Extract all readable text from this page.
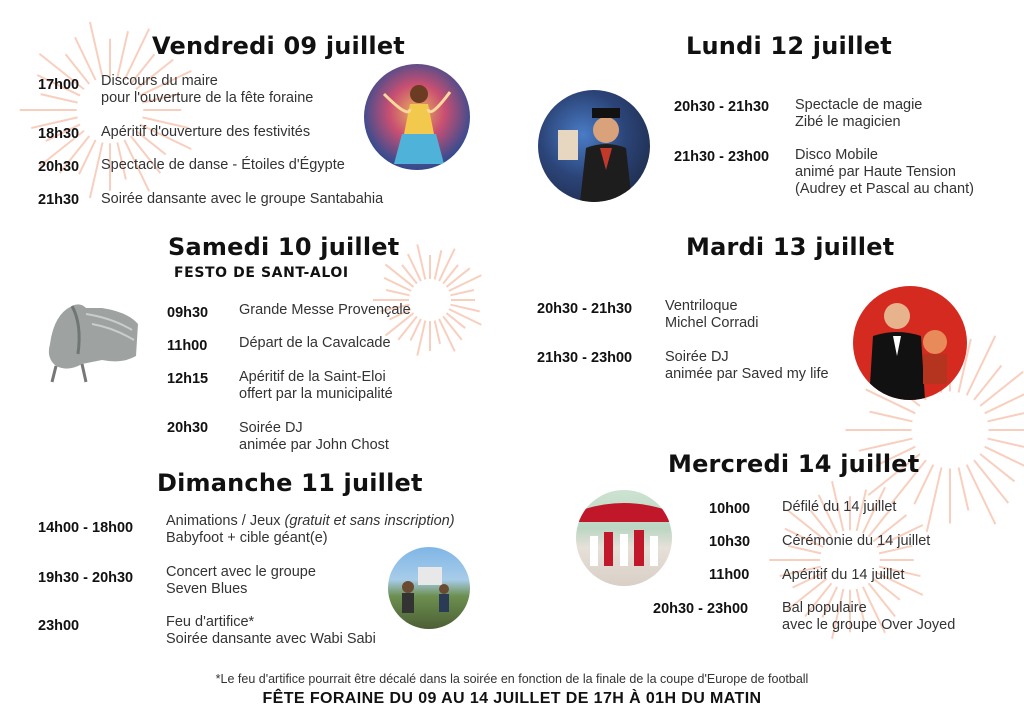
Vendredi 09 juillet
17h00 Discours du maire
pour l'ouverture de la fête foraine
18h30 Apéritif d'ouverture des festivités
20h30 Spectacle de danse - Étoiles d'Égypte
21h30 Soirée dansante avec le groupe Santabahia
Samedi 10 juillet
FESTO DE SANT-ALOI
09h30 Grande Messe Provençale
11h00 Départ de la Cavalcade
12h15 Apéritif de la Saint-Eloi
offert par la municipalité
20h30 Soirée DJ
animée par John Chost
Dimanche 11 juillet
14h00 - 18h00 Animations / Jeux (gratuit et sans inscription)
Babyfoot + cible géant(e)
19h30 - 20h30 Concert avec le groupe
Seven Blues
23h00	Feu d'artifice*
Soirée dansante avec Wabi Sabi
Lundi 12 juillet
20h30 - 21h30 Spectacle de magie
Zibé le magicien
21h30 - 23h00 Disco Mobile
animé par Haute Tension
(Audrey et Pascal au chant)
Mardi 13 juillet
20h30 - 21h30 Ventriloque
Michel Corradi
21h30 - 23h00 Soirée DJ
animée par Saved my life
Mercredi 14 juillet
10h00 Défilé du 14 juillet
10h30 Cérémonie du 14 juillet
11h00 Apéritif du 14 juillet
20h30 - 23h00 Bal populaire
avec le groupe Over Joyed
*Le feu d'artifice pourrait être décalé dans la soirée en fonction de la finale de la coupe d'Europe de football
FÊTE FORAINE DU 09 AU 14 JUILLET DE 17H À 01H DU MATIN
